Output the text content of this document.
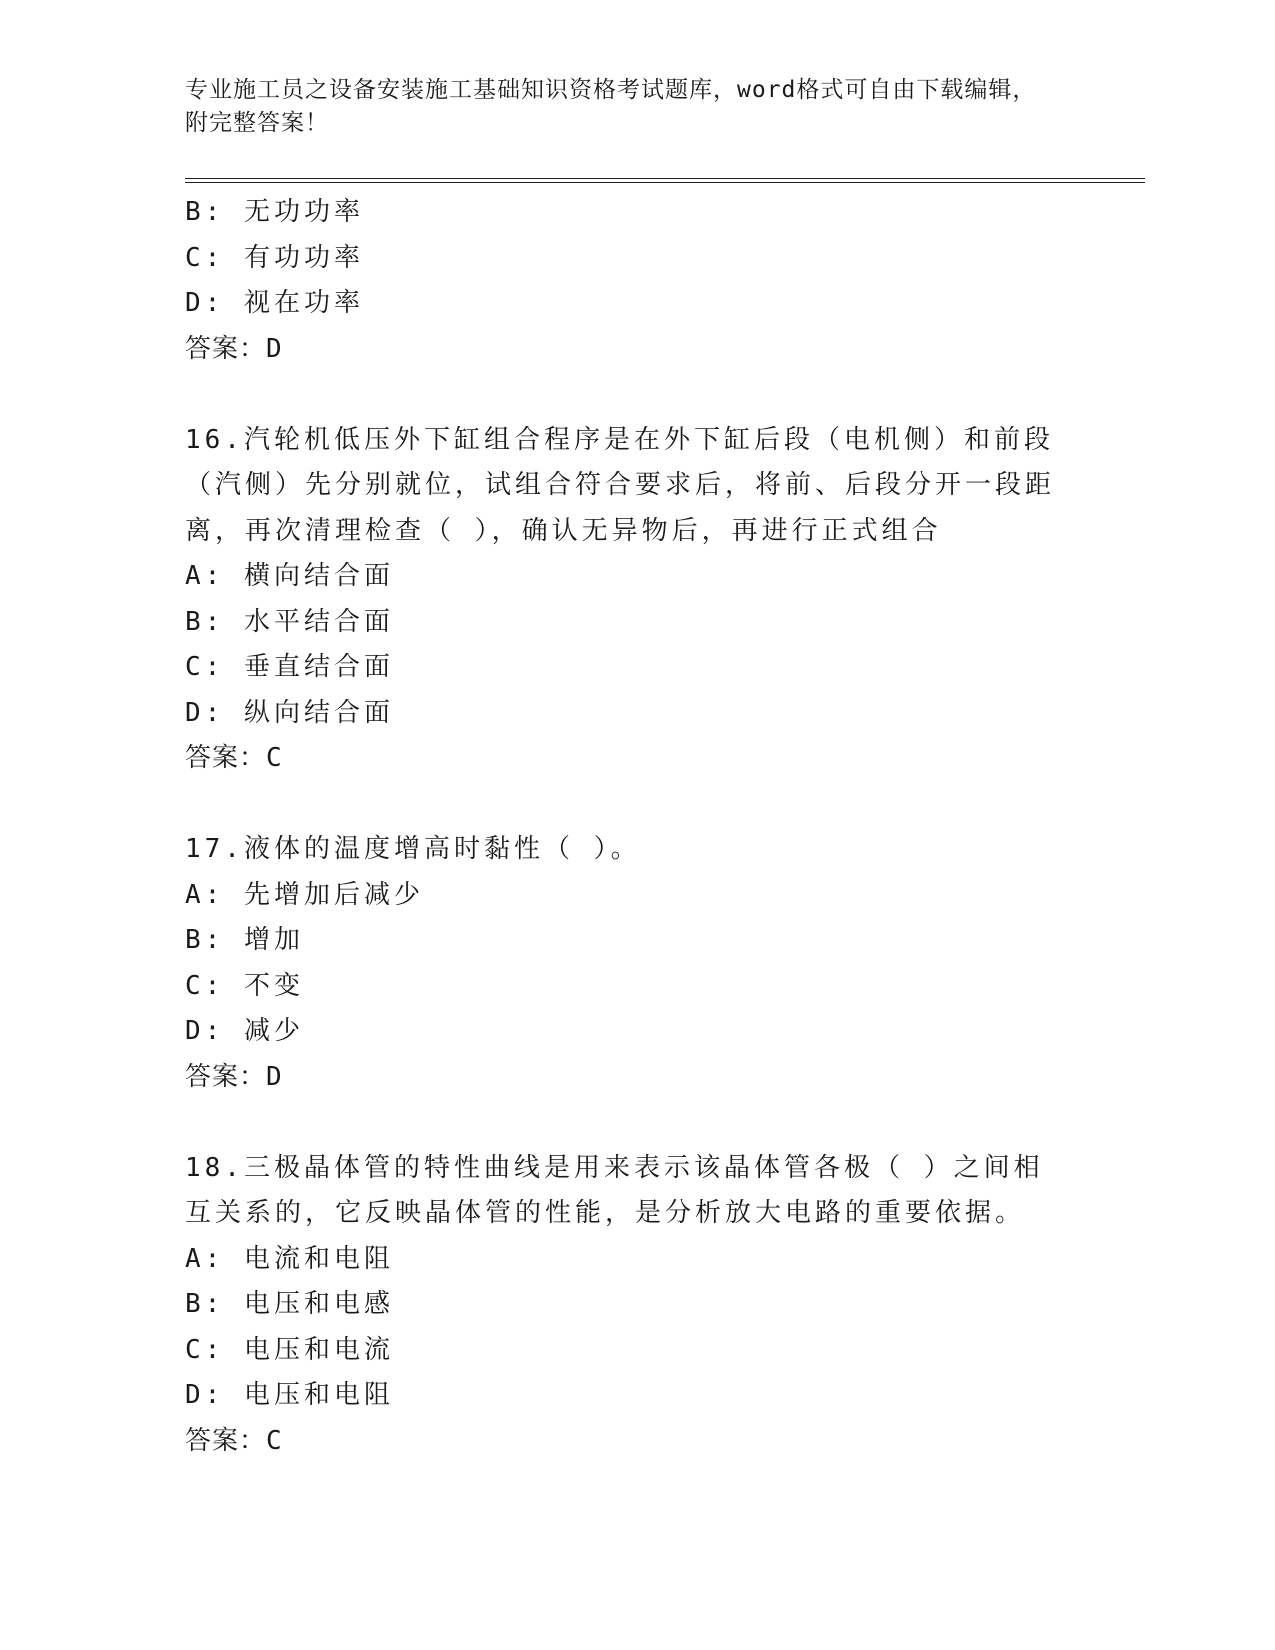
专业施工员之设备安装施工基础知识资格考试题库，word格式可自由下载编辑，
附完整答案！
B: 无功功率
C: 有功功率
D: 视在功率
答案：D
16.汽轮机低压外下缸组合程序是在外下缸后段（电机侧）和前段（汽侧）先分别就位，试组合符合要求后，将前、后段分开一段距离，再次清理检查（ ），确认无异物后，再进行正式组合
A: 横向结合面
B: 水平结合面
C: 垂直结合面
D: 纵向结合面
答案：C
17.液体的温度增高时黏性（ ）。
A: 先增加后减少
B: 增加
C: 不变
D: 减少
答案：D
18.三极晶体管的特性曲线是用来表示该晶体管各极（ ）之间相互关系的，它反映晶体管的性能，是分析放大电路的重要依据。
A: 电流和电阻
B: 电压和电感
C: 电压和电流
D: 电压和电阻
答案：C
